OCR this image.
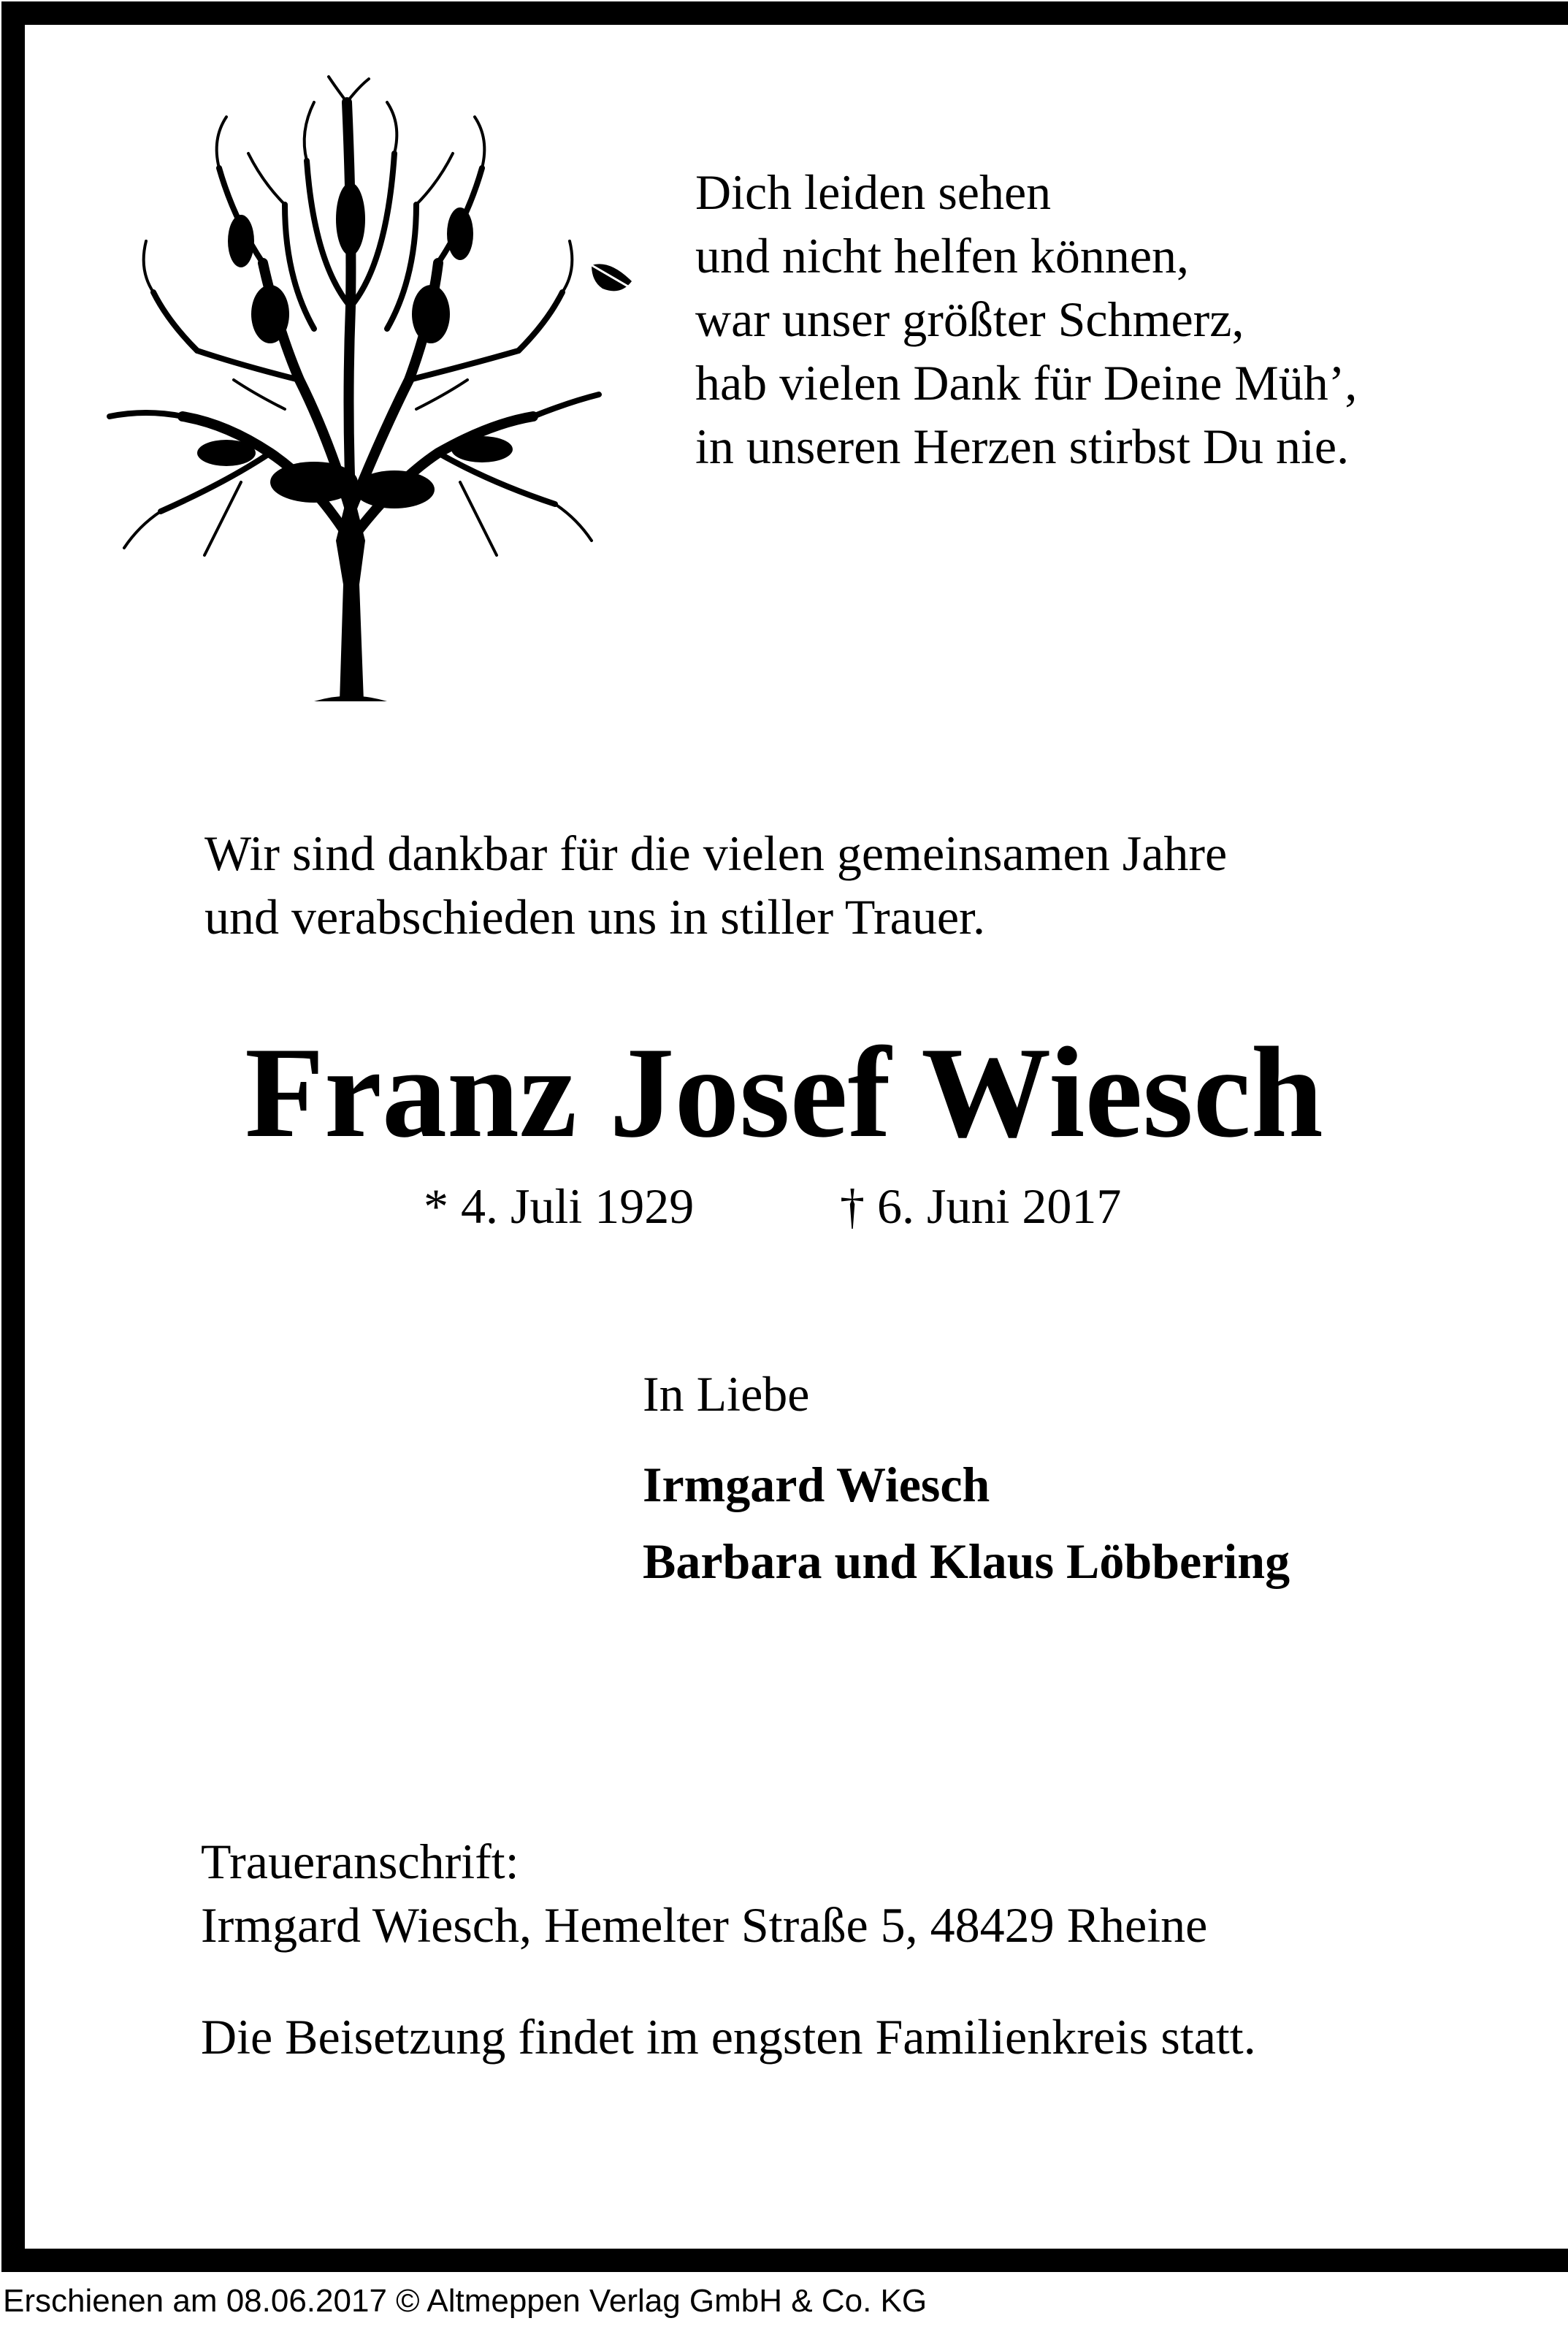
Dich leiden sehen
und nicht helfen können,
war unser größter Schmerz,
hab vielen Dank für Deine Müh’,
in unseren Herzen stirbst Du nie.
Wir sind dankbar für die vielen gemeinsamen Jahre
und verabschieden uns in stiller Trauer.
Franz Josef Wiesch
* 4. Juli 1929	† 6. Juni 2017
In Liebe
Irmgard Wiesch
Barbara und Klaus Löbbering
Traueranschrift:
Irmgard Wiesch, Hemelter Straße 5, 48429 Rheine
Die Beisetzung findet im engsten Familienkreis statt.
Erschienen am 08.06.2017 © Altmeppen Verlag GmbH & Co. KG
